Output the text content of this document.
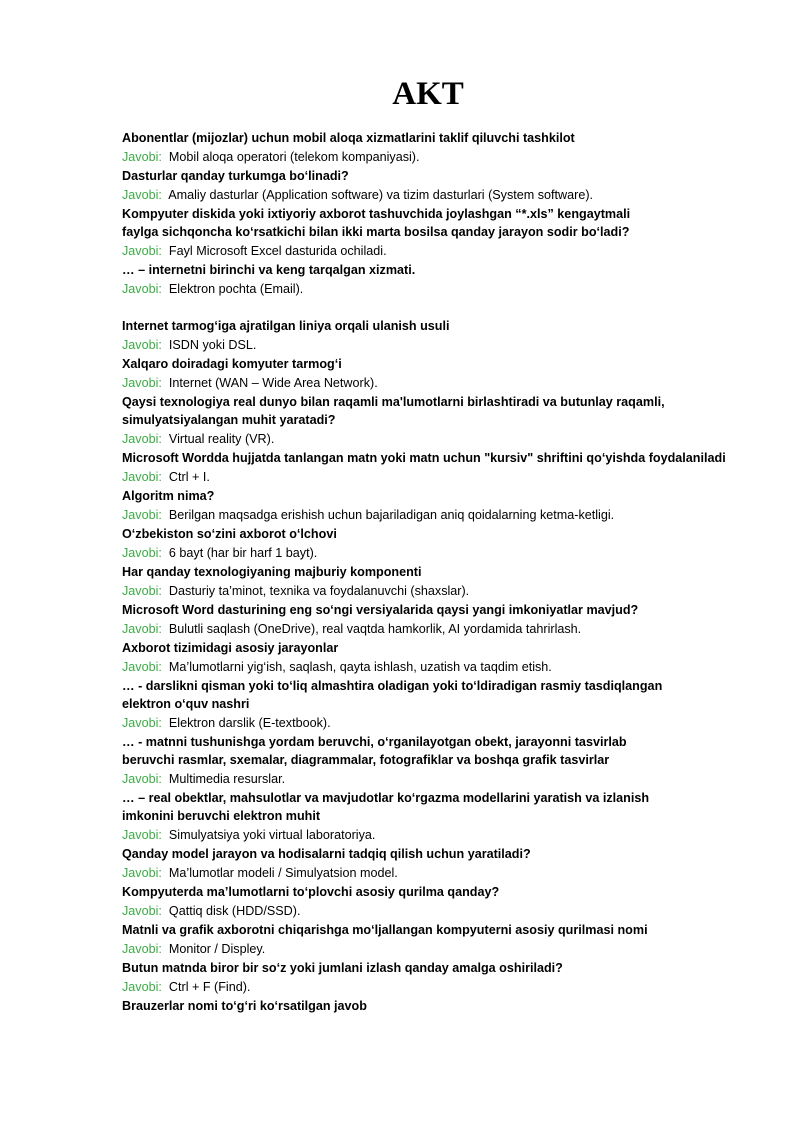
AKT
Abonentlar (mijozlar) uchun mobil aloqa xizmatlarini taklif qiluvchi tashkilot
Javobi: Mobil aloqa operatori (telekom kompaniyasi).
Dasturlar qanday turkumga bo‘linadi?
Javobi: Amaliy dasturlar (Application software) va tizim dasturlari (System software).
Kompyuter diskida yoki ixtiyoriy axborot tashuvchida joylashgan “*.xls” kengaytmali
faylga sichqoncha ko‘rsatkichi bilan ikki marta bosilsa qanday jarayon sodir bo‘ladi?
Javobi: Fayl Microsoft Excel dasturida ochiladi.
… – internetni birinchi va keng tarqalgan xizmati.
Javobi: Elektron pochta (Email).
Internet tarmog‘iga ajratilgan liniya orqali ulanish usuli
Javobi: ISDN yoki DSL.
Xalqaro doiradagi komyuter tarmog‘i
Javobi: Internet (WAN – Wide Area Network).
Qaysi texnologiya real dunyo bilan raqamli ma'lumotlarni birlashtiradi va butunlay raqamli,
simulyatsiyalangan muhit yaratadi?
Javobi: Virtual reality (VR).
Microsoft Wordda hujjatda tanlangan matn yoki matn uchun "kursiv" shriftini qo‘yishda foydalaniladi
Javobi: Ctrl + I.
Algoritm nima?
Javobi: Berilgan maqsadga erishish uchun bajariladigan aniq qoidalarning ketma-ketligi.
O‘zbekiston so‘zini axborot o‘lchovi
Javobi: 6 bayt (har bir harf 1 bayt).
Har qanday texnologiyaning majburiy komponenti
Javobi: Dasturiy ta’minot, texnika va foydalanuvchi (shaxslar).
Microsoft Word dasturining eng so‘ngi versiyalarida qaysi yangi imkoniyatlar mavjud?
Javobi: Bulutli saqlash (OneDrive), real vaqtda hamkorlik, AI yordamida tahrirlash.
Axborot tizimidagi asosiy jarayonlar
Javobi: Ma’lumotlarni yig‘ish, saqlash, qayta ishlash, uzatish va taqdim etish.
… - darslikni qisman yoki to‘liq almashtira oladigan yoki to‘ldiradigan rasmiy tasdiqlangan
elektron o‘quv nashri
Javobi: Elektron darslik (E-textbook).
… - matnni tushunishga yordam beruvchi, o‘rganilayotgan obekt, jarayonni tasvirlab
beruvchi rasmlar, sxemalar, diagrammalar, fotografiklar va boshqa grafik tasvirlar
Javobi: Multimedia resurslar.
… – real obektlar, mahsulotlar va mavjudotlar ko‘rgazma modellarini yaratish va izlanish
imkonini beruvchi elektron muhit
Javobi: Simulyatsiya yoki virtual laboratoriya.
Qanday model jarayon va hodisalarni tadqiq qilish uchun yaratiladi?
Javobi: Ma’lumotlar modeli / Simulyatsion model.
Kompyuterda ma’lumotlarni to‘plovchi asosiy qurilma qanday?
Javobi: Qattiq disk (HDD/SSD).
Matnli va grafik axborotni chiqarishga mo‘ljallangan kompyuterni asosiy qurilmasi nomi
Javobi: Monitor / Displey.
Butun matnda biror bir so‘z yoki jumlani izlash qanday amalga oshiriladi?
Javobi: Ctrl + F (Find).
Brauzerlar nomi to‘g‘ri ko‘rsatilgan javob
